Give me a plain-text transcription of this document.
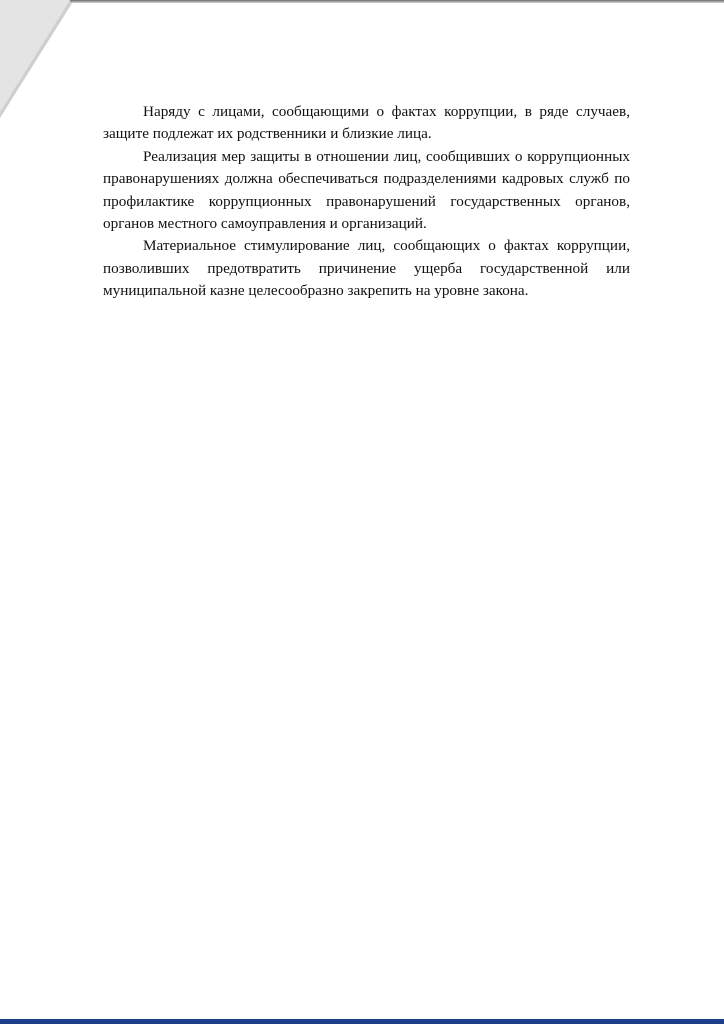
Наряду с лицами, сообщающими о фактах коррупции, в ряде случаев, защите подлежат их родственники и близкие лица.

Реализация мер защиты в отношении лиц, сообщивших о коррупционных правонарушениях должна обеспечиваться подразделениями кадровых служб по профилактике коррупционных правонарушений государственных органов, органов местного самоуправления и организаций.

Материальное стимулирование лиц, сообщающих о фактах коррупции, позволивших предотвратить причинение ущерба государственной или муниципальной казне целесообразно закрепить на уровне закона.
